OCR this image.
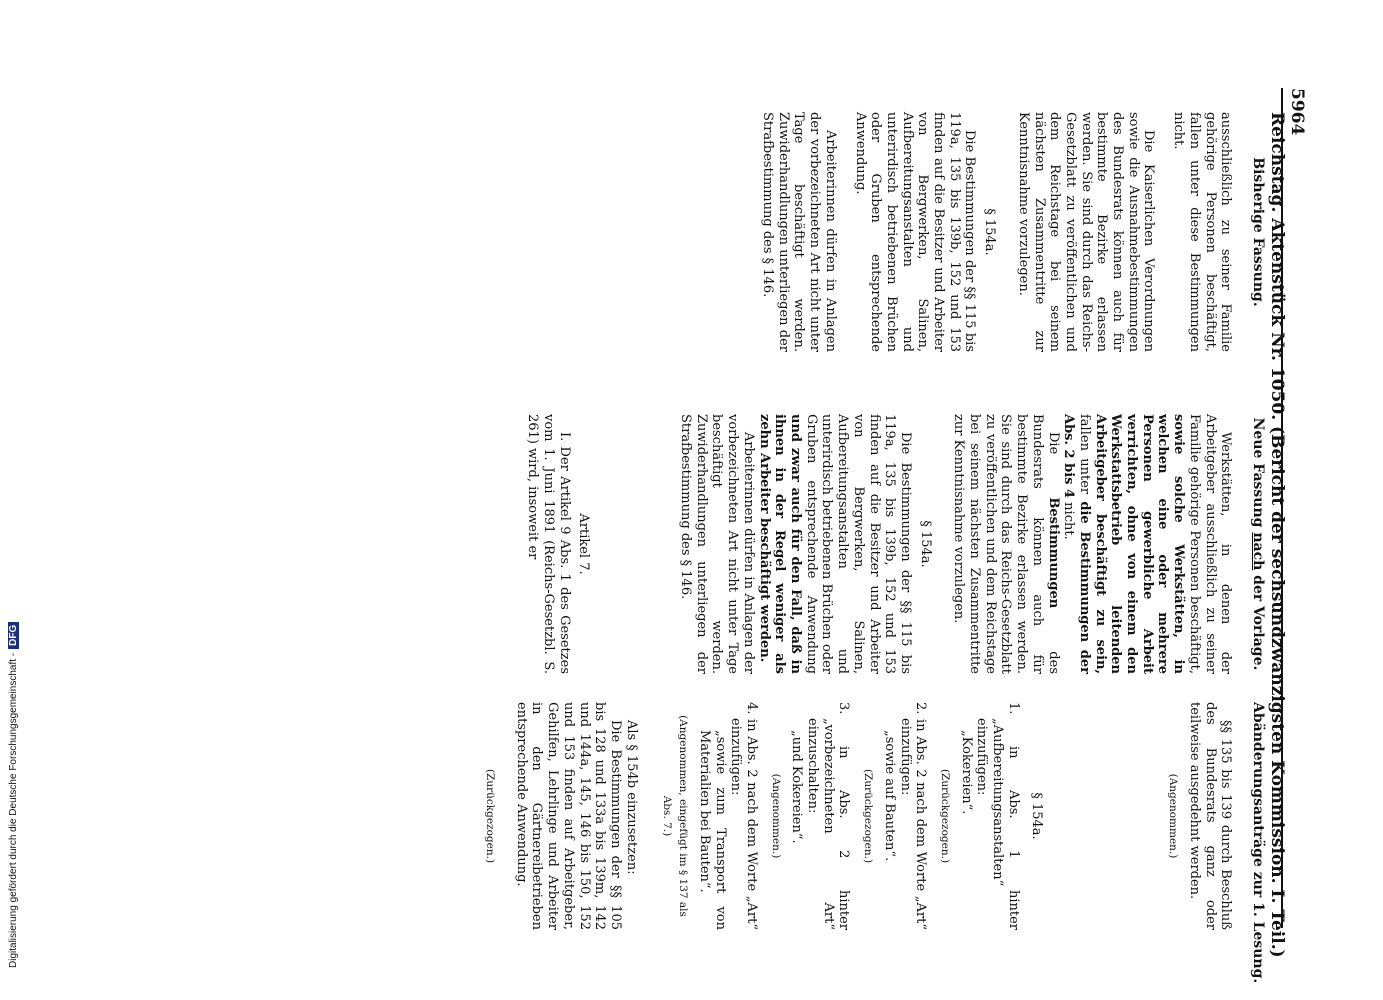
5964
Reichstag. Aktenstück Nr. 1050. (Bericht der sechsundzwanzigsten Kommission. I. Teil.)
Bisherige Fassung.

ausschließlich zu seiner Familie gehörige Personen beschäftigt, fallen unter diese Bestimmungen nicht.

Die Kaiserlichen Verordnungen sowie die Ausnahmebestimmungen des Bundesrats können auch für bestimmte Bezirke erlassen werden. Sie sind durch das Reichs-Gesetzblatt zu veröffentlichen und dem Reichstage bei seinem nächsten Zusammentritte zur Kenntnisnahme vorzulegen.

§ 154a.

Die Bestimmungen der §§ 115 bis 119a, 135 bis 139b, 152 und 153 finden auf die Besitzer und Arbeiter von Bergwerken, Salinen, Aufbereitungsanstalten und unterirdisch betriebenen Brüchen oder Gruben entsprechende Anwendung.

Arbeiterinnen dürfen in Anlagen der vorbezeichneten Art nicht unter Tage beschäftigt werden. Zuwiderhandlungen unterliegen der Strafbestimmung des § 146.

Neue Fassung nach der Vorlage.

Werkstätten, in denen der Arbeitgeber ausschließlich zu seiner Familie gehörige Personen beschäftigt, sowie solche Werkstätten, in welchen eine oder mehrere Personen gewerbliche Arbeit verrichten, ohne von einem den Werkstattsbetrieb leitenden Arbeitgeber beschäftigt zu sein, fallen unter die Bestimmungen der Abs. 2 bis 4 nicht.

Die Bestimmungen des Bundesrats können auch für bestimmte Bezirke erlassen werden. Sie sind durch das Reichs-Gesetzblatt zu veröffentlichen und dem Reichstage bei seinem nächsten Zusammentritte zur Kenntnisnahme vorzulegen.

§ 154a.

Die Bestimmungen der §§ 115 bis 119a, 135 bis 139b, 152 und 153 finden auf die Besitzer und Arbeiter von Bergwerken, Salinen, Aufbereitungsanstalten und unterirdisch betriebenen Brüchen oder Gruben entsprechende Anwendung und zwar auch für den Fall, daß in ihnen in der Regel weniger als zehn Arbeiter beschäftigt werden.

Arbeiterinnen dürfen in Anlagen der vorbezeichneten Art nicht unter Tage beschäftigt werden. Zuwiderhandlungen unterliegen der Strafbestimmung des § 146.

Artikel 7.

I. Der Artikel 9 Abs. 1 des Gesetzes vom 1. Juni 1891 (Reichs-Gesetzbl. S. 261) wird, insoweit er

Abänderungsanträge zur 1. Lesung.

§§ 135 bis 139 durch Beschluß des Bundesrats ganz oder teilweise ausgedehnt werden.

(Angenommen.)
§ 154a.

1. in Abs. 1 hinter „Aufbereitungsanstalten“ einzufügen:

„Kokereien“.

(Zurückgezogen.)

2. in Abs. 2 nach dem Worte „Art“ einzufügen:

„sowie auf Bauten“.

(Zurückgezogen.)

3. in Abs. 2 hinter „vorbezeichneten Art“ einzuschalten:

„und Kokereien“.

(Angenommen.)

4. in Abs. 2 nach dem Worte „Art“ einzufügen:

„sowie zum Transport von Materialien bei Bauten“.

(Angenommen, eingefügt im § 137 als Abs. 7.)

Als § 154b einzusetzen:

Die Bestimmungen der §§ 105 bis 128 und 133a bis 139m, 142 und 144a, 145, 146 bis 150, 152 und 153 finden auf Arbeitgeber, Gehilfen, Lehrlinge und Arbeiter in den Gärtnereibetrieben entsprechende Anwendung.

(Zurückgezogen.)
Digitalisierung gefördert durch die Deutsche Forschungsgemeinschaft -DFG
